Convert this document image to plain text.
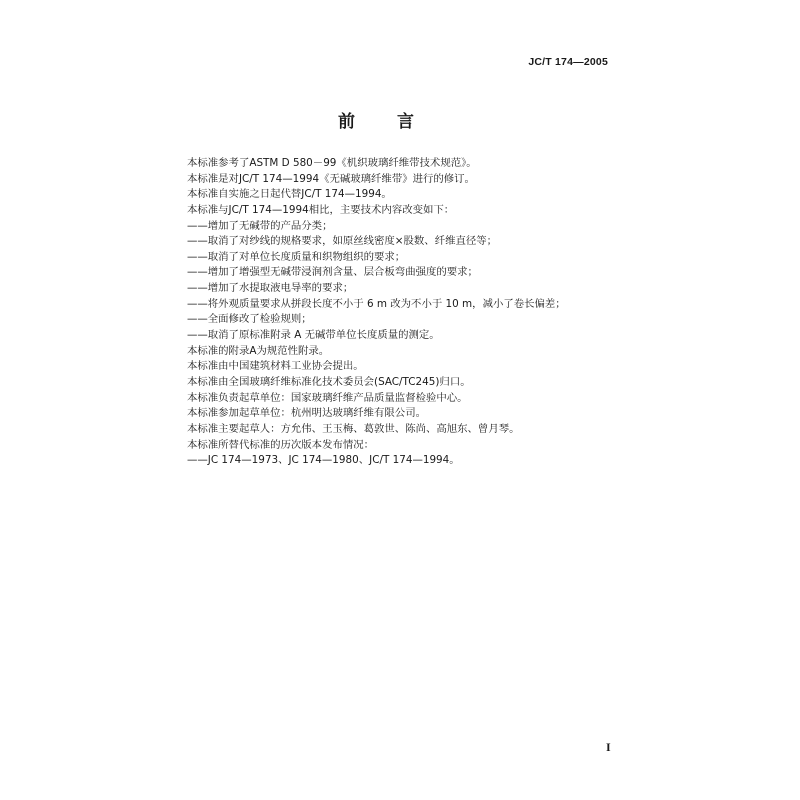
JC/T 174—2005
前 言
本标准参考了ASTM D 580－99《机织玻璃纤维带技术规范》。
本标准是对JC/T 174—1994《无碱玻璃纤维带》进行的修订。
本标准自实施之日起代替JC/T 174—1994。
本标准与JC/T 174—1994相比，主要技术内容改变如下：
——增加了无碱带的产品分类；
——取消了对纱线的规格要求，如原丝线密度×股数、纤维直径等；
——取消了对单位长度质量和织物组织的要求；
——增加了增强型无碱带浸润剂含量、层合板弯曲强度的要求；
——增加了水提取液电导率的要求；
——将外观质量要求从拼段长度不小于 6 m 改为不小于 10 m，减小了卷长偏差；
——全面修改了检验规则；
——取消了原标准附录 A 无碱带单位长度质量的测定。
本标准的附录A为规范性附录。
本标准由中国建筑材料工业协会提出。
本标准由全国玻璃纤维标准化技术委员会(SAC/TC245)归口。
本标准负责起草单位：国家玻璃纤维产品质量监督检验中心。
本标准参加起草单位：杭州明达玻璃纤维有限公司。
本标准主要起草人：方允伟、王玉梅、葛敦世、陈尚、高旭东、曾月琴。
本标准所替代标准的历次版本发布情况：
——JC 174—1973、JC 174—1980、JC/T 174—1994。
I
